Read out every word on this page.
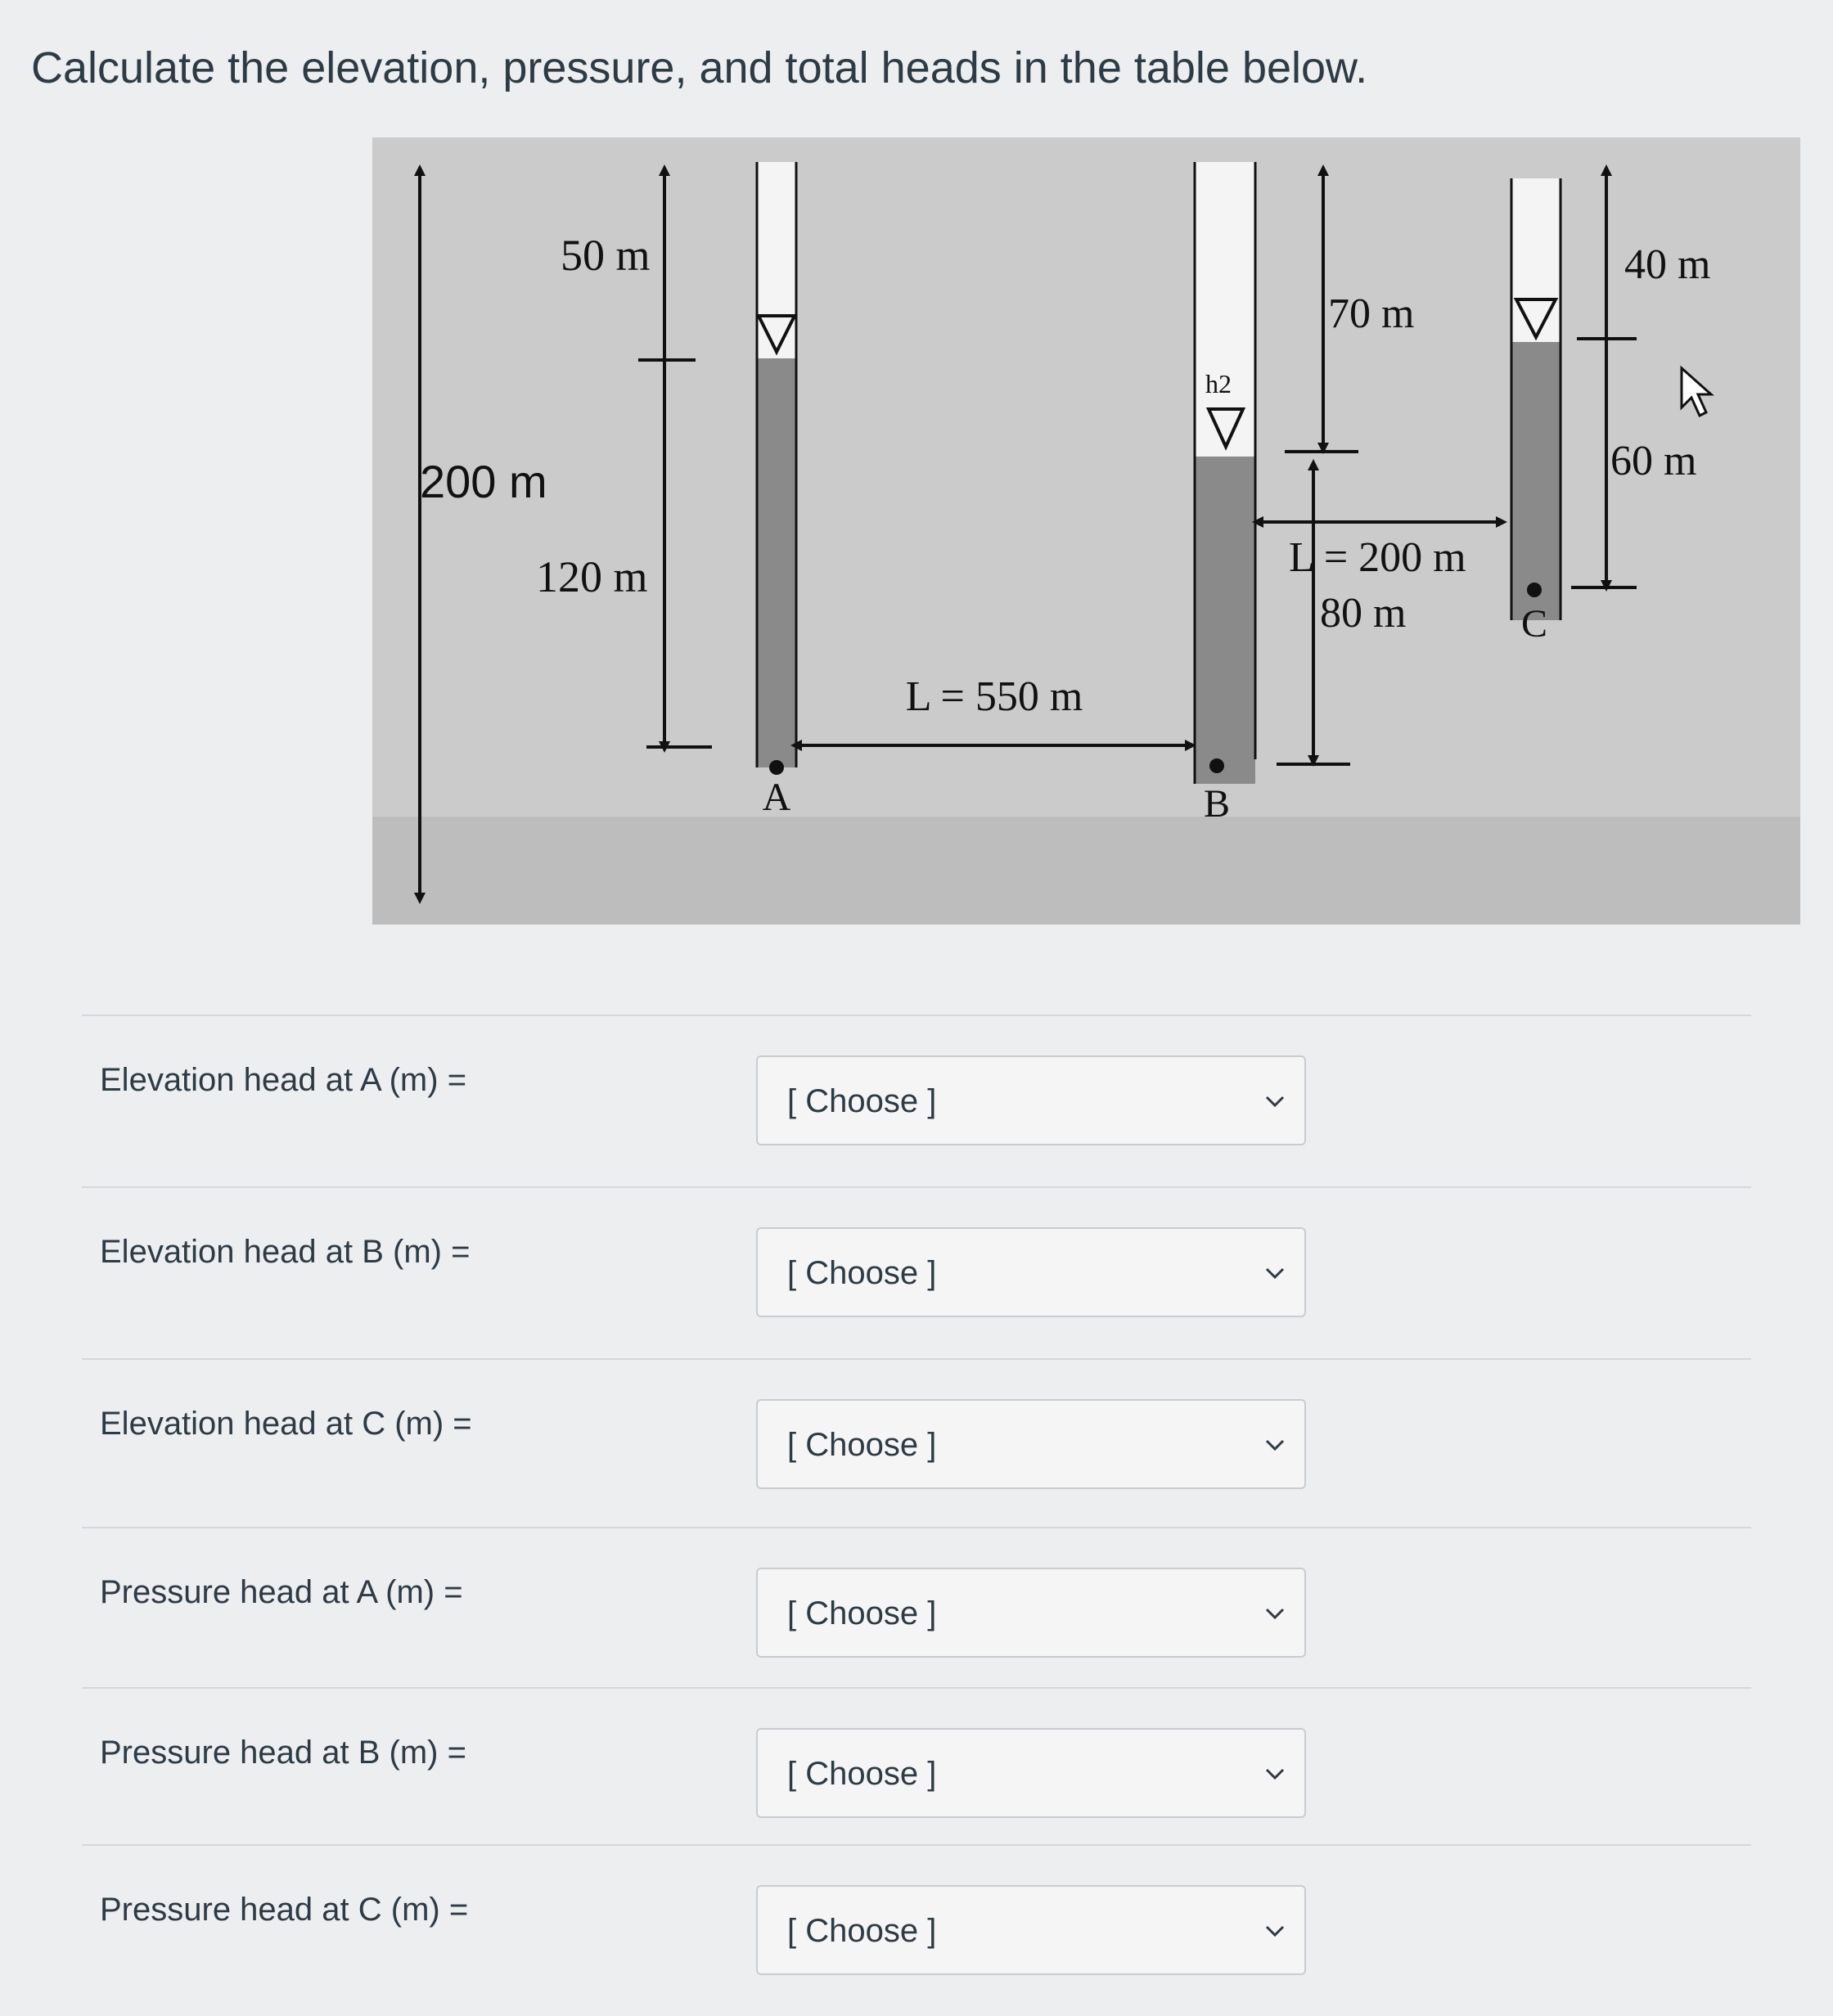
Calculate the elevation, pressure, and total heads in the table below.
200 m
50 m
120 m
A
L = 550 m
h2
B
70 m
80 m
L = 200 m
C
40 m
60 m
Elevation head at A (m) =
[ Choose ]
Elevation head at B (m) =
[ Choose ]
Elevation head at C (m) =
[ Choose ]
Pressure head at A (m) =
[ Choose ]
Pressure head at B (m) =
[ Choose ]
Pressure head at C (m) =
[ Choose ]
